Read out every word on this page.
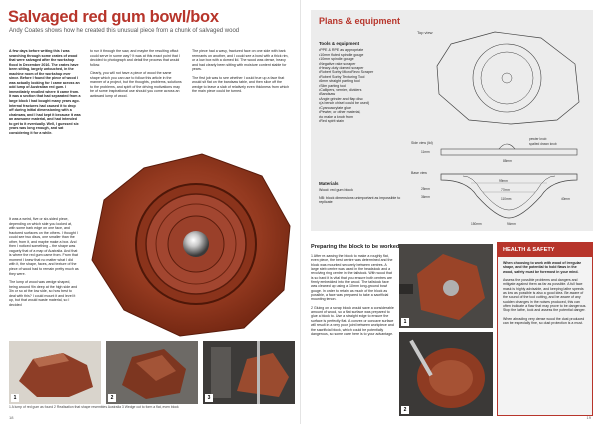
Salvaged red gum bowl/box
Andy Coates shows how he created this unusual piece from a chunk of salvaged wood

A few days before writing this I was searching through some crates of wood that were salvaged after the workshop flood in December 2016. The crates have been sitting, largely untouched, in the machine room of the workshop ever since. Before I found the piece of wood I was actually looking for I came across an odd lump of Australian red gum. I immediately recalled where it came from. It was a section that had separated from a large block I had bought many years ago. Internal fractures had caused it to drop off during initial dimensioning with a chainsaw, and I had kept it because it was an awesome material, and had intended to get to it eventually. Well, I guessed six years was long enough, and sat considering it for a while.

to run it through the saw, and maybe the resulting offcut could serve in some way? It was at this exact point that I decided to photograph and detail the process that would follow.

Clearly, you will not have a piece of wood the same shape which you can use to follow this article in the manner of a project, but the thoughts, problems, solutions to the problems, and spirit of the driving motivations may be of some inspirational use should you come across an awkward lump of wood.

The piece had a wavy, fractured face on one side with bark remnants on another, and I could see a bowl with a thick rim, or a low box with a domed lid. The wood was dense, heavy and had clearly been sitting with moisture content stable for years.

The first job was to see whether I could true up a face that would sit flat on the bandsaw table, and then slice off the wedge to leave a slab of relatively even thickness from which the main piece could be turned.

It was a weird, five or six-sided piece, depending on which side you looked at, with some bark edge on one face, and fractured surfaces on the others. I thought I could see two discs, one smaller than the other, from it, and maybe make a box. And then I noticed something – the shape was vaguely that of a map of Australia. And that is where the red gum came from. From that moment I knew that no matter what I did with it, the shape, faces, and texture of the piece of wood had to remain pretty much as they were.

The lump of wood was wedge shaped, being around 9in deep at the high side and 3in or so at the low side, so how best to deal with this? I could mount it and level it up, but that would waste material, so I decided

1	2	3
1 A lump of red gum as found 2 Realisation that shape resembles Australia 3 Wedge cut to form a flat, even block
18
Plans & equipment
Tools & equipment
• PPE & RPE as appropriate
• 10mm fluted spindle gouge
• 10mm spindle gouge
• Negative rake scraper
• Heavy-duty domed scraper
• Robert Sorby MicroRevo Scraper
• Robert Sorby Texturing Tool
• 6mm straight parting tool
• Slim parting tool
• Callipers, vernier, dividers
• Bandsaw
• Angle grinder and flap disc
• (a bench chisel could be used)
• Cyanoacrylate glue
• Pewter, or other material,
• to make a knob from
• Red spirit stain
Materials
Wood: red gum block
NB: block dimensions unimportant as impossible to replicate
Top view
Side view (lid)
pewter knob
spalted drawn knob
85mm
11mm
Base view
99mm
77mm
110mm	40mm
25mm
36mm
150mm	94mm
Preparing the block to be worked

1 After re-sawing the block to make a roughly flat, even piece, the best centre was determined and the block was mounted securely between centres. A large steb centre was used in the headstock and a revolving ring centre in the tailstock. With wood that is so hard it is vital that you ensure both centres are firmly embedded into the wood. The tailstock face was cleaned up using a 10mm long-ground bowl gouge. In order to retain as much of the block as possible, a face was prepared to take a sacrificial mounting tenon.

2 Gluing on a scrap block would save a considerable amount of wood, so a flat surface was prepared to glue a block to. Use a straight edge to ensure the surface is perfectly flat. A convex or concave surface will result in a very poor joint between workpiece and the sacrificial block, which could be potentially dangerous, so some care here is to your advantage.

1
2
HEALTH & SAFETY

When choosing to work with wood of irregular shape, and the potential to hold flaws in the wood, safety must be foremost in your mind.

Assess the possible problems and dangers and mitigate against them as far as possible. A full face mask is highly advisable, and keeping lathe speeds as low as possible is also a good idea. Be aware of the sound of the tool cutting, and be aware of any sudden changes in the noises produced, this can often indicate a flaw that may prove to be dangerous. Stop the lathe, look and assess the potential danger.

When abrading very dense wood the dust produced can be especially fine, so dust protection is a must.

19
